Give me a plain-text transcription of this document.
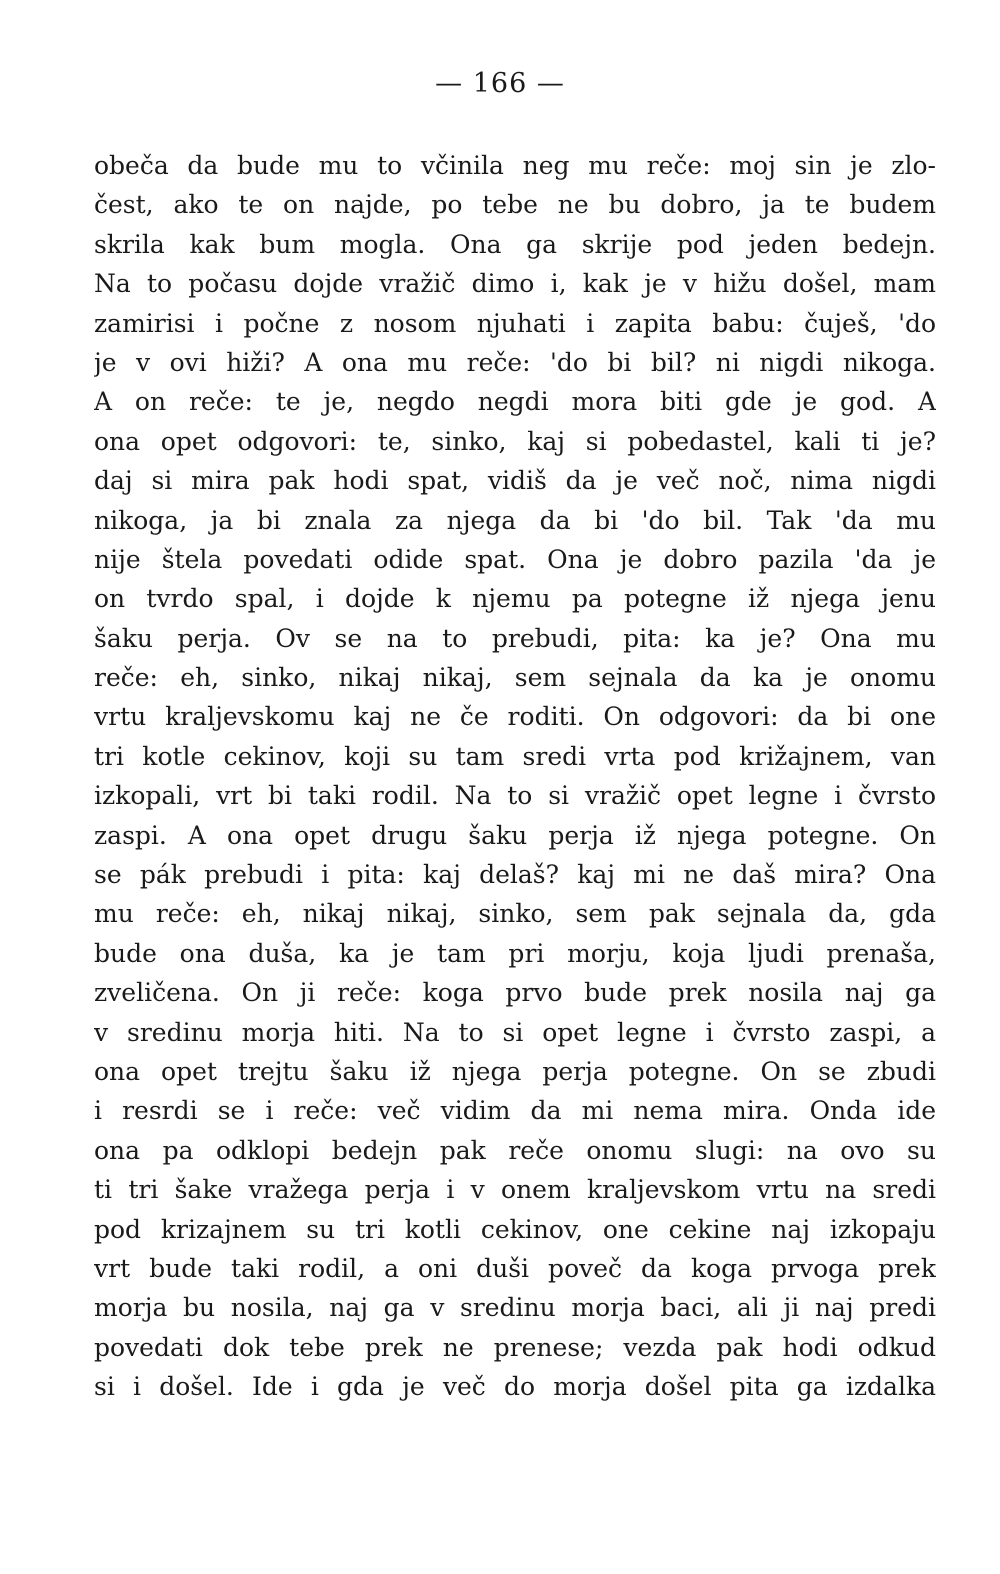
— 166 —
obeča da bude mu to včinila neg mu reče: moj sin je zlo-
čest, ako te on najde, po tebe ne bu dobro, ja te budem
skrila kak bum mogla. Ona ga skrije pod jeden bedejn.
Na to počasu dojde vražič dimo i, kak je v hižu došel, mam
zamirisi i počne z nosom njuhati i zapita babu: čuješ, 'do
je v ovi hiži? A ona mu reče: 'do bi bil? ni nigdi nikoga.
A on reče: te je, negdo negdi mora biti gde je god. A
ona opet odgovori: te, sinko, kaj si pobedastel, kali ti je?
daj si mira pak hodi spat, vidiš da je več noč, nima nigdi
nikoga, ja bi znala za njega da bi 'do bil. Tak 'da mu
nije štela povedati odide spat. Ona je dobro pazila 'da je
on tvrdo spal, i dojde k njemu pa potegne iž njega jenu
šaku perja. Ov se na to prebudi, pita: ka je? Ona mu
reče: eh, sinko, nikaj nikaj, sem sejnala da ka je onomu
vrtu kraljevskomu kaj ne če roditi. On odgovori: da bi one
tri kotle cekinov, koji su tam sredi vrta pod križajnem, van
izkopali, vrt bi taki rodil. Na to si vražič opet legne i čvrsto
zaspi. A ona opet drugu šaku perja iž njega potegne. On
se pák prebudi i pita: kaj delaš? kaj mi ne daš mira? Ona
mu reče: eh, nikaj nikaj, sinko, sem pak sejnala da, gda
bude ona duša, ka je tam pri morju, koja ljudi prenaša,
zveličena. On ji reče: koga prvo bude prek nosila naj ga
v sredinu morja hiti. Na to si opet legne i čvrsto zaspi, a
ona opet trejtu šaku iž njega perja potegne. On se zbudi
i resrdi se i reče: več vidim da mi nema mira. Onda ide
ona pa odklopi bedejn pak reče onomu slugi: na ovo su
ti tri šake vražega perja i v onem kraljevskom vrtu na sredi
pod krizajnem su tri kotli cekinov, one cekine naj izkopaju
vrt bude taki rodil, a oni duši poveč da koga prvoga prek
morja bu nosila, naj ga v sredinu morja baci, ali ji naj predi
povedati dok tebe prek ne prenese; vezda pak hodi odkud
si i došel. Ide i gda je več do morja došel pita ga izdalka
